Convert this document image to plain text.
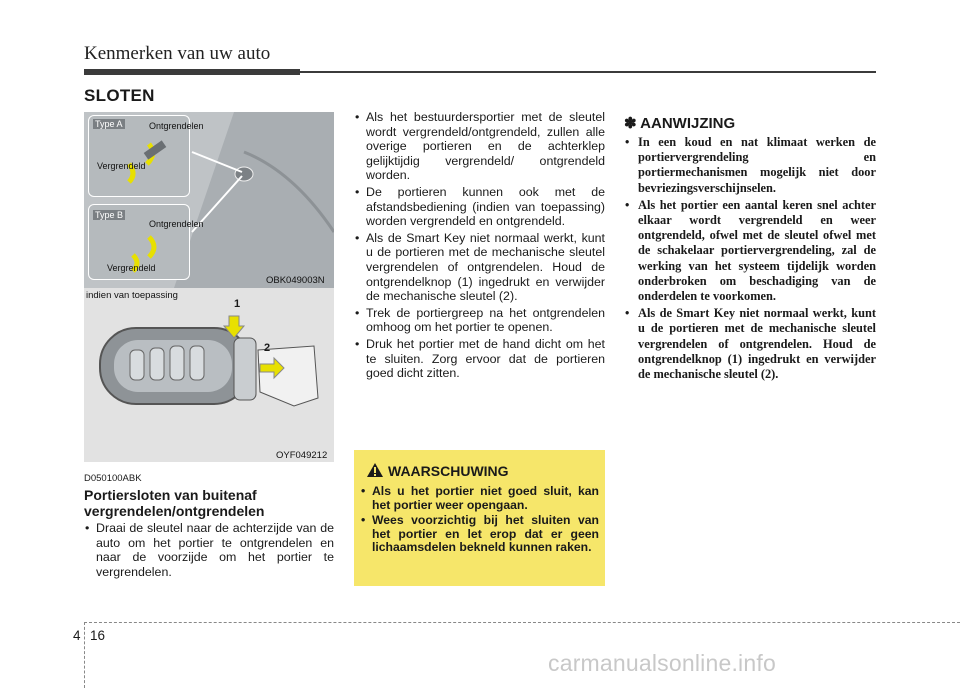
Kenmerken van uw auto
SLOTEN
Type A	Ontgrendelen
Vergrendeld
Type B
Ontgrendelen
Vergrendeld
OBK049003N
indien van toepassing
1
2
OYF049212
D050100ABK
Portiersloten van buitenaf vergrendelen/ontgrendelen
• Draai de sleutel naar de achterzijde van de auto om het portier te ontgrendelen en naar de voorzijde om het portier te vergrendelen.
• Als het bestuurdersportier met de sleutel wordt vergrendeld/ontgrendeld, zullen alle overige portieren en de achterklep gelijktijdig vergrendeld/ ontgrendeld worden.
• De portieren kunnen ook met de afstandsbediening (indien van toepassing) worden vergrendeld en ontgrendeld.
• Als de Smart Key niet normaal werkt, kunt u de portieren met de mechanische sleutel vergrendelen of ontgrendelen. Houd de ontgrendelknop (1) ingedrukt en verwijder de mechanische sleutel (2).
• Trek de portiergreep na het ontgrendelen omhoog om het portier te openen.
• Druk het portier met de hand dicht om het te sluiten. Zorg ervoor dat de portieren goed dicht zitten.
WAARSCHUWING
• Als u het portier niet goed sluit, kan het portier weer opengaan.
• Wees voorzichtig bij het sluiten van het portier en let erop dat er geen lichaamsdelen bekneld kunnen raken.
✽ AANWIJZING
• In een koud en nat klimaat werken de portiervergrendeling en portiermechanismen mogelijk niet door bevriezingsverschijnselen.
• Als het portier een aantal keren snel achter elkaar wordt vergrendeld en weer ontgrendeld, ofwel met de sleutel ofwel met de schakelaar portiervergrendeling, zal de werking van het systeem tijdelijk worden onderbroken om beschadiging van de onderdelen te voorkomen.
• Als de Smart Key niet normaal werkt, kunt u de portieren met de mechanische sleutel vergrendelen of ontgrendelen. Houd de ontgrendelknop (1) ingedrukt en verwijder de mechanische sleutel (2).
4 16
carmanualsonline.info
